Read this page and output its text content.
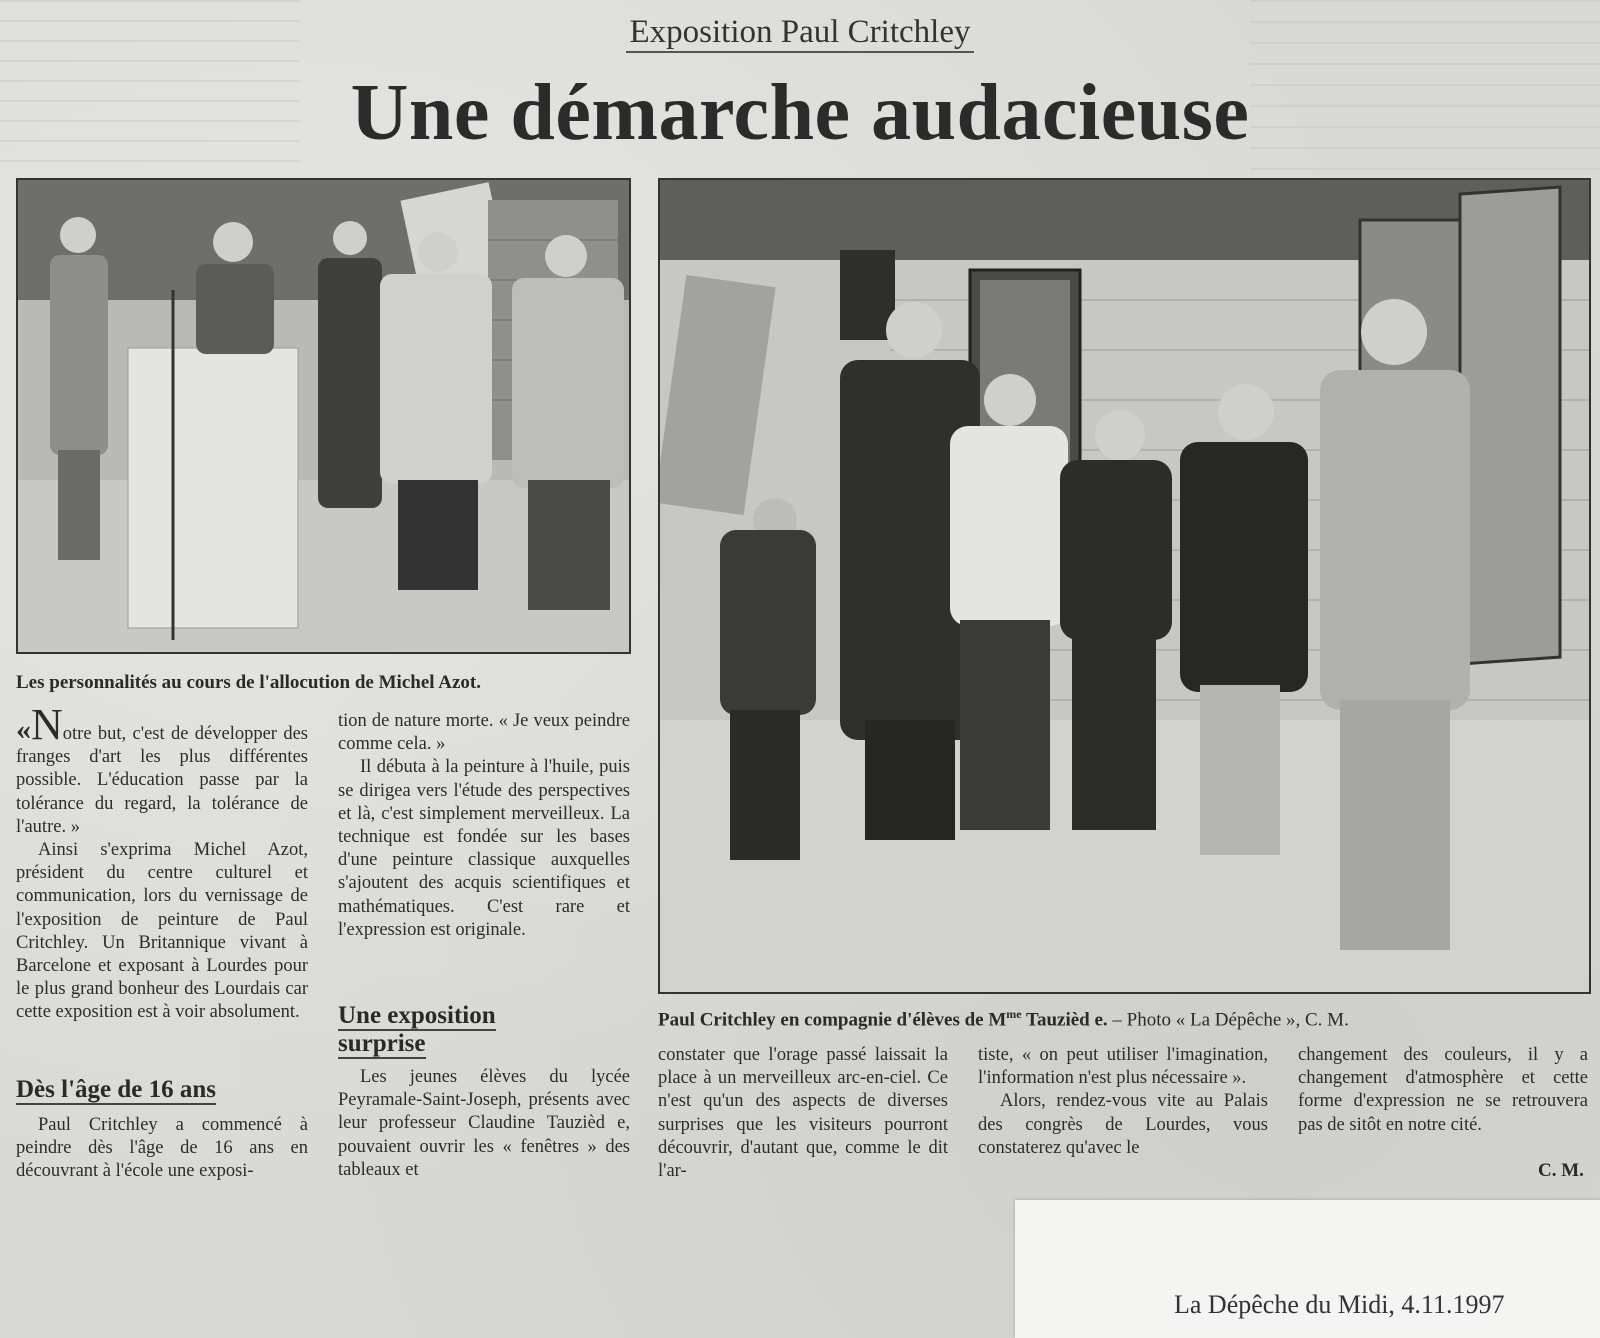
Exposition Paul Critchley
Une démarche audacieuse
Les personnalités au cours de l'allocution de Michel Azot.
Paul Critchley en compagnie d'élèves de $M^{me}$ Tauzièd e. – Photo « La Dépêche », C. M.

«Notre but, c'est de développer des franges d'art les plus différentes possible. L'éducation passe par la tolérance du regard, la tolérance de l'autre. »

Ainsi s'exprima Michel Azot, président du centre culturel et communication, lors du vernissage de l'exposition de peinture de Paul Critchley. Un Britannique vivant à Barcelone et exposant à Lourdes pour le plus grand bonheur des Lourdais car cette exposition est à voir absolument.

Dès l'âge de 16 ans

Paul Critchley a commencé à peindre dès l'âge de 16 ans en découvrant à l'école une exposi-

tion de nature morte. « Je veux peindre comme cela. »

Il débuta à la peinture à l'huile, puis se dirigea vers l'étude des perspectives et là, c'est simplement merveilleux. La technique est fondée sur les bases d'une peinture classique auxquelles s'ajoutent des acquis scientifiques et mathématiques. C'est rare et l'expression est originale.

Une exposition
surprise

Les jeunes élèves du lycée Peyramale-Saint-Joseph, présents avec leur professeur Claudine Tauzièd e, pouvaient ouvrir les « fenêtres » des tableaux et

constater que l'orage passé laissait la place à un merveilleux arc-en-ciel. Ce n'est qu'un des aspects de diverses surprises que les visiteurs pourront découvrir, d'autant que, comme le dit l'ar-

tiste, « on peut utiliser l'imagination, l'information n'est plus nécessaire ».

Alors, rendez-vous vite au Palais des congrès de Lourdes, vous constaterez qu'avec le

changement des couleurs, il y a changement d'atmosphère et cette forme d'expression ne se retrouvera pas de sitôt en notre cité.

C. M.
La Dépêche du Midi, 4.11.1997
